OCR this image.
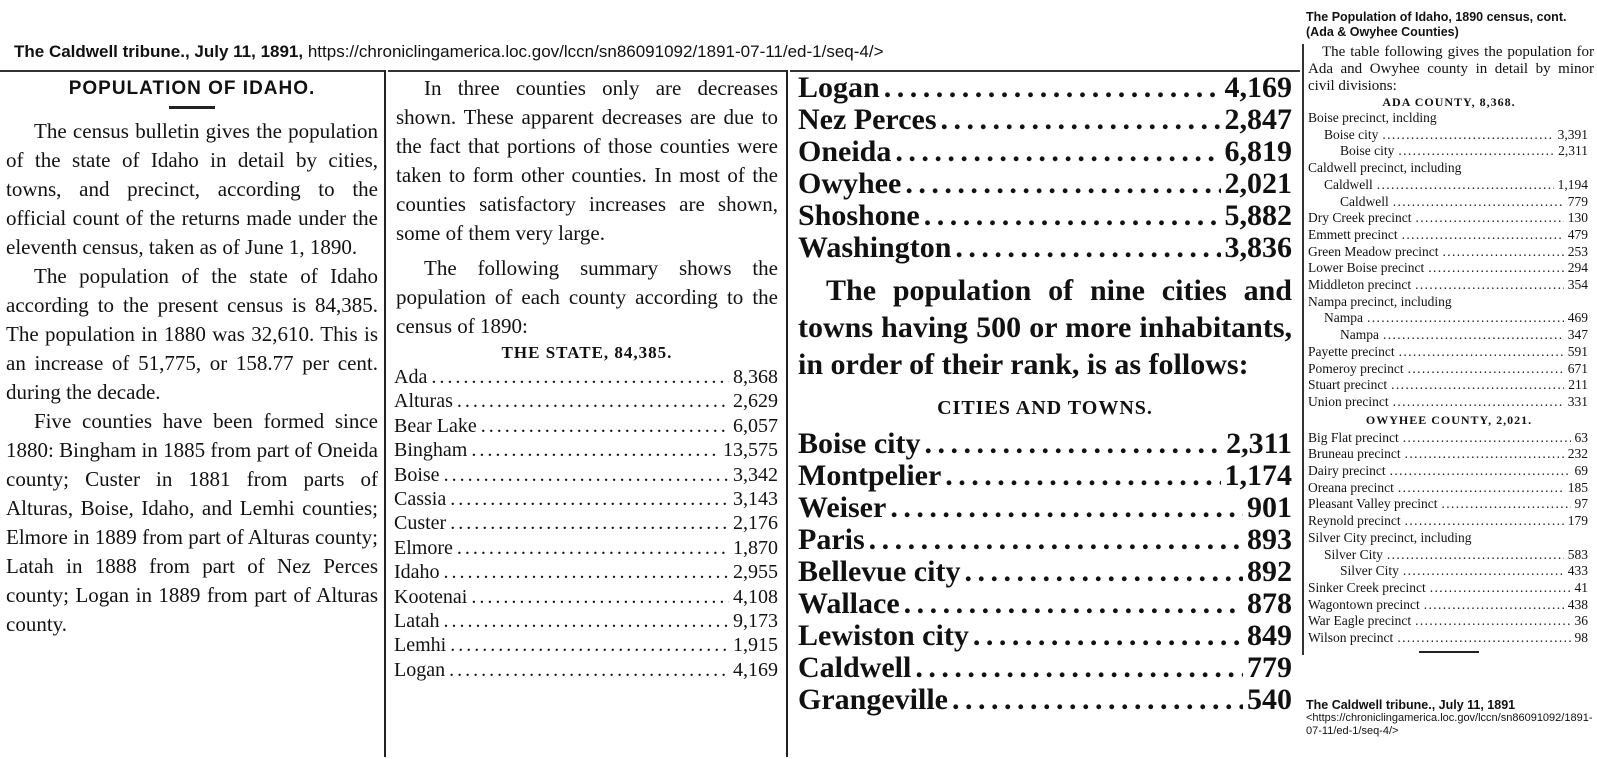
The Caldwell tribune., July 11, 1891, https://chroniclingamerica.loc.gov/lccn/sn86091092/1891-07-11/ed-1/seq-4/>
POPULATION OF IDAHO.

The census bulletin gives the population of the state of Idaho in detail by cities, towns, and precinct, according to the official count of the returns made under the eleventh census, taken as of June 1, 1890.

The population of the state of Idaho according to the present census is 84,385. The population in 1880 was 32,610. This is an increase of 51,775, or 158.77 per cent. during the decade.

Five counties have been formed since 1880: Bingham in 1885 from part of Oneida county; Custer in 1881 from parts of Alturas, Boise, Idaho, and Lemhi counties; Elmore in 1889 from part of Alturas county; Latah in 1888 from part of Nez Perces county; Logan in 1889 from part of Alturas county.

In three counties only are decreases shown. These apparent decreases are due to the fact that portions of those counties were taken to form other counties. In most of the counties satisfactory increases are shown, some of them very large.

The following summary shows the population of each county according to the census of 1890:

THE STATE, 84,385.
Ada . . .	8,368
Alturas . . .	2,629
Bear Lake . . .	6,057
Bingham . . .	13,575
Boise . . .	3,342
Cassia . . .	3,143
Custer . . .	2,176
Elmore . . .	1,870
Idaho . . .	2,955
Kootenai . . .	4,108
Latah . . .	9,173
Lemhi . . .	1,915
Logan . . .	4,169
Logan . . .	4,169
Nez Perces . . .	2,847
Oneida . . .	6,819
Owyhee . . .	2,021
Shoshone . . .	5,882
Washington . . .	3,836

The population of nine cities and towns having 500 or more inhabitants, in order of their rank, is as follows:

CITIES AND TOWNS.
Boise city . . .	2,311
Montpelier . . .	1,174
Weiser . . .	901
Paris . . .	893
Bellevue city . . .	892
Wallace . . .	878
Lewiston city . . .	849
Caldwell . . .	779
Grangeville . . .	540
The Population of Idaho, 1890 census, cont. (Ada & Owyhee Counties)

The table following gives the population for Ada and Owyhee county in detail by minor civil divisions:

ADA COUNTY, 8,368.
Boise precinct, inclding
Boise city . . .	3,391
Boise city . . .	2,311
Caldwell precinct, including
Caldwell . . .	1,194
Caldwell . . .	779
Dry Creek precinct . . .	130
Emmett precinct . . .	479
Green Meadow precinct . . .	253
Lower Boise precinct . . .	294
Middleton precinct . . .	354
Nampa precinct, including
Nampa . . .	469
Nampa . . .	347
Payette precinct . . .	591
Pomeroy precinct . . .	671
Stuart precinct . . .	211
Union precinct . . .	331
OWYHEE COUNTY, 2,021.
Big Flat precinct . . .	63
Bruneau precinct . . .	232
Dairy precinct . . .	69
Oreana precinct . . .	185
Pleasant Valley precinct . . .	97
Reynold precinct . . .	179
Silver City precinct, including
Silver City . . .	583
Silver City . . .	433
Sinker Creek precinct . . .	41
Wagontown precinct . . .	438
War Eagle precinct . . .	36
Wilson precinct . . .	98
The Caldwell tribune., July 11, 1891
<https://chroniclingamerica.loc.gov/lccn/sn86091092/1891-07-11/ed-1/seq-4/>
